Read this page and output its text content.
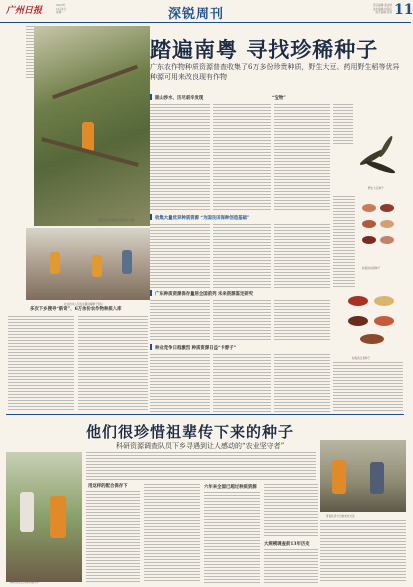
广州日报
2023年
12月4日
星期一	深锐周刊
责任编辑:姜泳烨
美术编辑:林荣佳
版式编辑:吴婉 11
普查队员在调查中采集野生资源
农业技术人员在乡镇讲解种子知识
踏遍南粤 寻找珍稀种子
广东农作物种质资源普查收集了6万多份珍贵种质，野生大豆、药用野生稻等优异种源可用来改良现有作物
跋山涉水、历尽艰辛发现	“宝物”
野生大豆种子
收集大量优异种质资源 “为国良田保种创造基础”
收集的水稻种子
多次下乡搜寻“新奇”、6万余份农作物种质入库
广东种质资源保存量居全国前列 未来资源鉴定研究
收集的豆类种子
种业竞争日趋激烈 种质资源日益“卡脖子”
他们很珍惜祖辈传下来的种子
科研资源调查队员下乡寻遇到让人感动的“农业坚守者”
调研队员在田间采集样本
用这样的配合保存下	六年来全国已超过种质资源
大规模调查前13年历史
普查队员与当地老农交流
